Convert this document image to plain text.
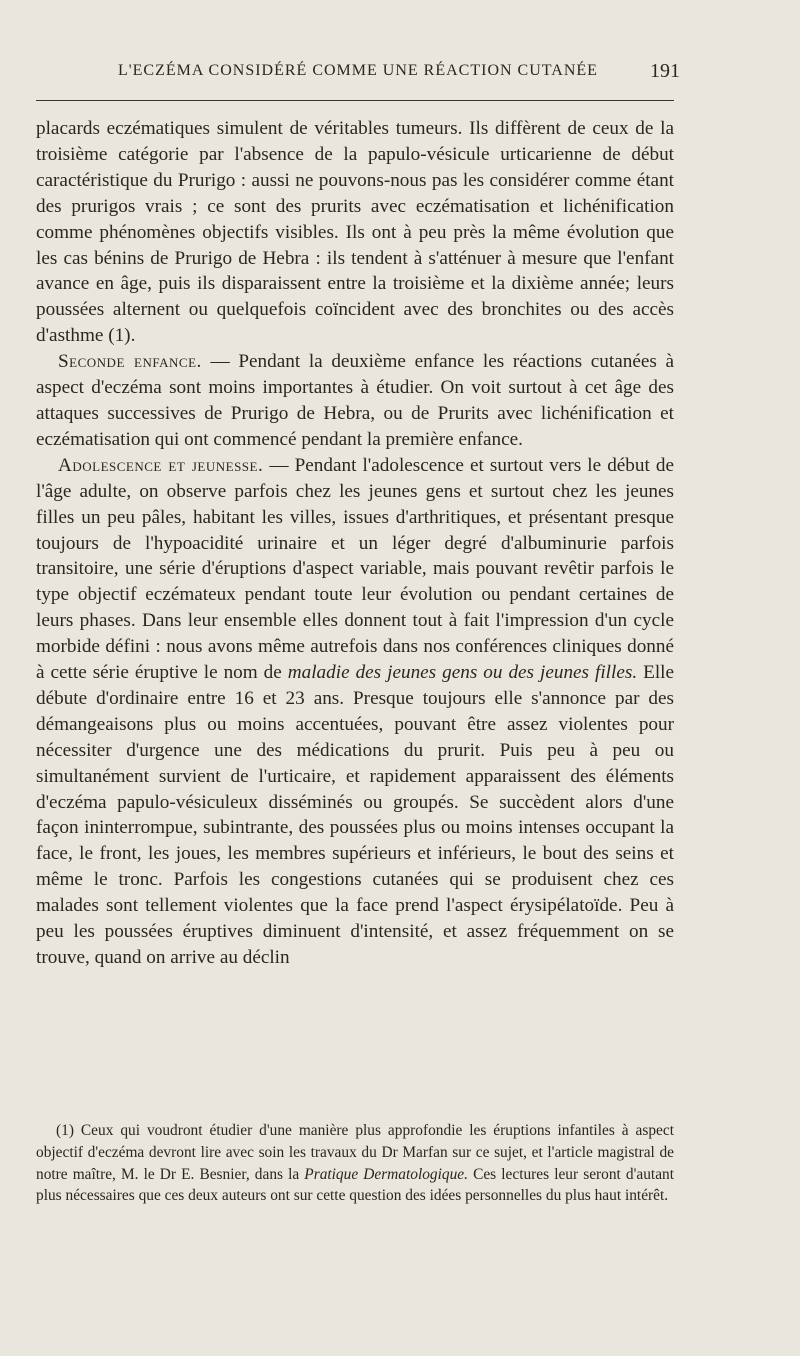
L'ECZÉMA CONSIDÉRÉ COMME UNE RÉACTION CUTANÉE	191

placards eczématiques simulent de véritables tumeurs. Ils diffèrent de ceux de la troisième catégorie par l'absence de la papulo-vésicule urticarienne de début caractéristique du Prurigo : aussi ne pouvons-nous pas les considérer comme étant des prurigos vrais ; ce sont des prurits avec eczématisation et lichénification comme phénomènes objectifs visibles. Ils ont à peu près la même évolution que les cas bénins de Prurigo de Hebra : ils tendent à s'atténuer à mesure que l'enfant avance en âge, puis ils disparaissent entre la troisième et la dixième année; leurs poussées alternent ou quelquefois coïncident avec des bronchites ou des accès d'asthme (1).

Seconde enfance. — Pendant la deuxième enfance les réactions cutanées à aspect d'eczéma sont moins importantes à étudier. On voit surtout à cet âge des attaques successives de Prurigo de Hebra, ou de Prurits avec lichénification et eczématisation qui ont commencé pendant la première enfance.

Adolescence et jeunesse. — Pendant l'adolescence et surtout vers le début de l'âge adulte, on observe parfois chez les jeunes gens et surtout chez les jeunes filles un peu pâles, habitant les villes, issues d'arthritiques, et présentant presque toujours de l'hypoacidité urinaire et un léger degré d'albuminurie parfois transitoire, une série d'éruptions d'aspect variable, mais pouvant revêtir parfois le type objectif eczémateux pendant toute leur évolution ou pendant certaines de leurs phases. Dans leur ensemble elles donnent tout à fait l'impression d'un cycle morbide défini : nous avons même autrefois dans nos conférences cliniques donné à cette série éruptive le nom de maladie des jeunes gens ou des jeunes filles. Elle débute d'ordinaire entre 16 et 23 ans. Presque toujours elle s'annonce par des démangeaisons plus ou moins accentuées, pouvant être assez violentes pour nécessiter d'urgence une des médications du prurit. Puis peu à peu ou simultanément survient de l'urticaire, et rapidement apparaissent des éléments d'eczéma papulo-vésiculeux disséminés ou groupés. Se succèdent alors d'une façon ininterrompue, subintrante, des poussées plus ou moins intenses occupant la face, le front, les joues, les membres supérieurs et inférieurs, le bout des seins et même le tronc. Parfois les congestions cutanées qui se produisent chez ces malades sont tellement violentes que la face prend l'aspect érysipélatoïde. Peu à peu les poussées éruptives diminuent d'intensité, et assez fréquemment on se trouve, quand on arrive au déclin

(1) Ceux qui voudront étudier d'une manière plus approfondie les éruptions infantiles à aspect objectif d'eczéma devront lire avec soin les travaux du Dr Marfan sur ce sujet, et l'article magistral de notre maître, M. le Dr E. Besnier, dans la Pratique Dermatologique. Ces lectures leur seront d'autant plus nécessaires que ces deux auteurs ont sur cette question des idées personnelles du plus haut intérêt.
